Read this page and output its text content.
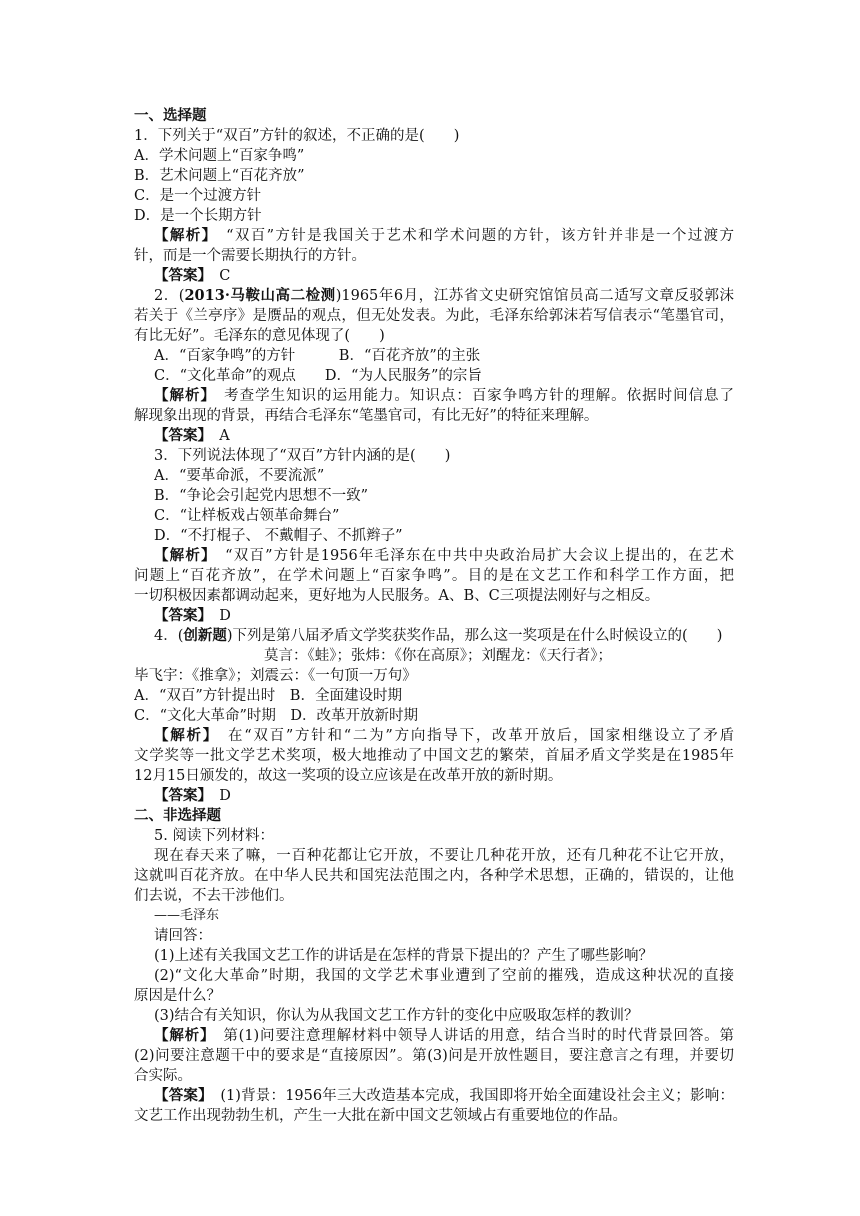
一、选择题
1．下列关于“双百”方针的叙述，不正确的是(　　)
A．学术问题上“百家争鸣”
B．艺术问题上“百花齐放”
C．是一个过渡方针
D．是一个长期方针
【解析】　 “双百”方针是我国关于艺术和学术问题的方针，该方针并非是一个过渡方
针，而是一个需要长期执行的方针。
【答案】　 C
2．(2013·马鞍山高二检测)1965年6月，江苏省文史研究馆馆员高二适写文章反驳郭沫
若关于《兰亭序》是赝品的观点，但无处发表。为此，毛泽东给郭沫若写信表示“笔墨官司，
有比无好”。毛泽东的意见体现了(　　)
A．“百家争鸣”的方针　　　B．“百花齐放”的主张
C．“文化革命”的观点　　D．“为人民服务”的宗旨
【解析】　 考查学生知识的运用能力。知识点：百家争鸣方针的理解。依据时间信息了
解现象出现的背景，再结合毛泽东“笔墨官司，有比无好”的特征来理解。
【答案】　 A
3．下列说法体现了“双百”方针内涵的是(　　)
A．“要革命派，不要流派”
B．“争论会引起党内思想不一致”
C．“让样板戏占领革命舞台”
D．“不打棍子、 不戴帽子、不抓辫子”
【解析】　 “双百”方针是1956年毛泽东在中共中央政治局扩大会议上提出的，在艺术
问题上“百花齐放”，在学术问题上“百家争鸣”。目的是在文艺工作和科学工作方面，把
一切积极因素都调动起来，更好地为人民服务。A、B、C三项提法刚好与之相反。
【答案】　 D
4．(创新题)下列是第八届矛盾文学奖获奖作品，那么这一奖项是在什么时候设立的(　　)
莫言：《蛙》；张炜：《你在高原》；刘醒龙：《天行者》；
毕飞宇：《推拿》；刘震云：《一句顶一万句》
A．“双百”方针提出时　B．全面建设时期
C．“文化大革命”时期　D．改革开放新时期
【解析】　 在“双百”方针和“二为”方向指导下，改革开放后，国家相继设立了矛盾
文学奖等一批文学艺术奖项，极大地推动了中国文艺的繁荣，首届矛盾文学奖是在1985年
12月15日颁发的，故这一奖项的设立应该是在改革开放的新时期。
【答案】　 D
二、非选择题
5. 阅读下列材料：
现在春天来了嘛，一百种花都让它开放，不要让几种花开放，还有几种花不让它开放，
这就叫百花齐放。在中华人民共和国宪法范围之内，各种学术思想，正确的，错误的，让他
们去说，不去干涉他们。
——毛泽东
请回答：
(1)上述有关我国文艺工作的讲话是在怎样的背景下提出的？产生了哪些影响？
(2)“文化大革命”时期，我国的文学艺术事业遭到了空前的摧残，造成这种状况的直接
原因是什么？
(3)结合有关知识，你认为从我国文艺工作方针的变化中应吸取怎样的教训？
【解析】　 第(1)问要注意理解材料中领导人讲话的用意，结合当时的时代背景回答。第
(2)问要注意题干中的要求是“直接原因”。第(3)问是开放性题目，要注意言之有理，并要切
合实际。
【答案】　 (1)背景：1956年三大改造基本完成，我国即将开始全面建设社会主义；影响：
文艺工作出现勃勃生机，产生一大批在新中国文艺领域占有重要地位的作品。
